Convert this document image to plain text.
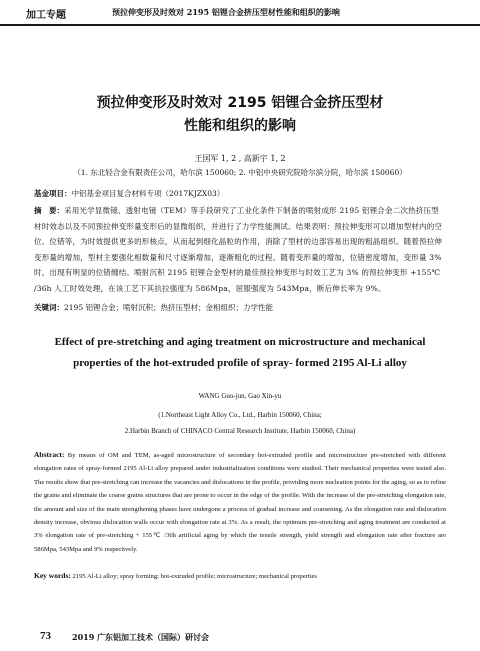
加工专题	预拉伸变形及时效对 2195 铝锂合金挤压型材性能和组织的影响
预拉伸变形及时效对 2195 铝锂合金挤压型材
性能和组织的影响
王国军 1, 2 , 高新宇 1, 2
（1. 东北轻合金有限责任公司，哈尔滨 150060; 2. 中铝中央研究院哈尔滨分院，哈尔滨 150060）
基金项目：中铝基金项目复合材料专项（2017KJZX03）
摘　要：采用光学显微镜、透射电镜（TEM）等手段研究了工业化条件下制备的喷射成形 2195 铝锂合金二次热挤压型材时效态以及不同预拉伸变形量变形后的显微组织，并进行了力学性能测试。结果表明：预拉伸变形可以增加型材内的空位、位错等，为时效提供更多的形核点，从而起到细化晶粒的作用，消除了型材的边部容易出现的粗晶组织。随着预拉伸变形量的增加，型材主要强化相数量和尺寸逐渐增加，逐渐粗化的过程。随着变形量的增加，位错密度增加，变形量 3% 时，出现有明显的位错缠结。喷射沉积 2195 铝锂合金型材的最佳预拉伸变形与时效工艺为 3% 的预拉伸变形 +155℃ /36h 人工时效处理，在该工艺下其抗拉强度为 586Mpa，屈服强度为 543Mpa，断后伸长率为 9%。
关键词：2195 铝锂合金；喷射沉积；热挤压型材；金相组织；力学性能
Effect of pre-stretching and aging treatment on microstructure and mechanical
properties of the hot-extruded profile of spray- formed 2195 Al-Li alloy
WANG Guo-jun, Gao Xin-yu
(1.Northeast Light Alloy Co., Ltd., Harbin 150060, China;
2.Harbin Branch of CHINACO Central Research Institute, Harbin 150060, China)
Abstract: By means of OM and TEM, as-aged microstructure of secondary hot-extruded profile and microstructure pre-stretched with different elongation rates of spray-formed 2195 Al-Li alloy prepared under industrialization conditions were studied. Their mechanical properties were tested also. The results show that pre-stretching can increase the vacancies and dislocations in the profile, providing more nucleation points for the aging, so as to refine the grains and eliminate the coarse grains structures that are prone to occur in the edge of the profile. With the increase of the pre-stretching elongation rate, the amount and size of the main strengthening phases have undergone a process of gradual increase and coarsening. As the elongation rate and dislocation density increase, obvious dislocation walls occur with elongation rate at 3%. As a result, the optimum pre-stretching and aging treatment are conducted at 3% elongation rate of pre-stretching + 155℃ /36h artificial aging by which the tensile strength, yield strength and elongation rate after fracture are 586Mpa, 543Mpa and 9% respectively.
Key words: 2195 Al-Li alloy; spray forming; hot-extruded profile; microstructure; mechanical properties
73	2019 广东铝加工技术（国际）研讨会
